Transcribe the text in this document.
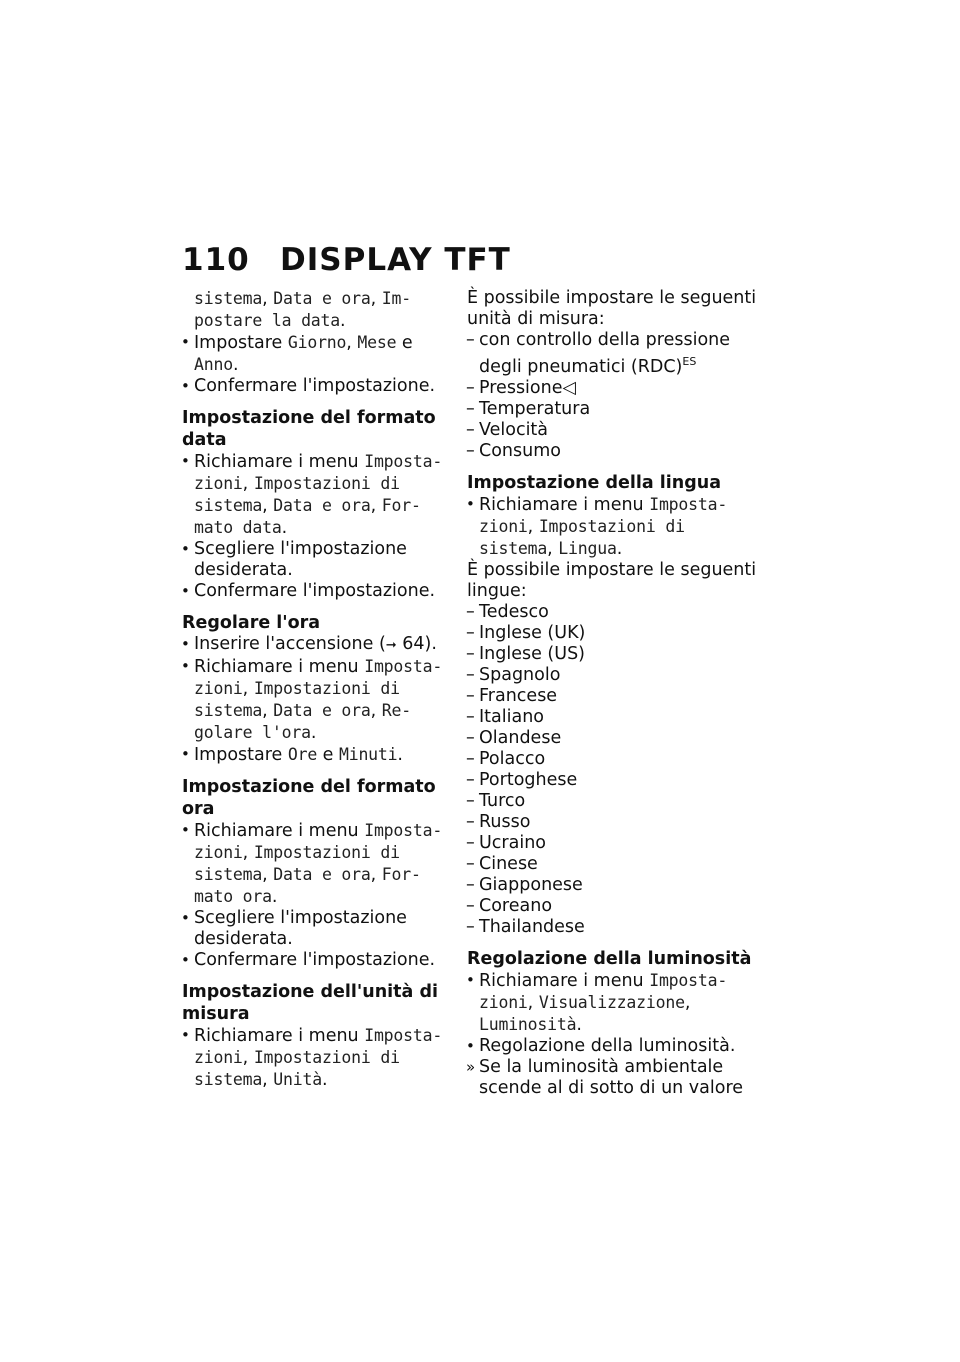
110 DISPLAY TFT

sistema, Data e ora, Im-
postare la data.

• Impostare Giorno, Mese e
Anno.

• Confermare l'impostazione.

Impostazione del formato data

• Richiamare i menu Imposta-
zioni, Impostazioni di
sistema, Data e ora, For-
mato data.

• Scegliere l'impostazione desiderata.

• Confermare l'impostazione.

Regolare l'ora

• Inserire l'accensione (➞ 64).

• Richiamare i menu Imposta-
zioni, Impostazioni di
sistema, Data e ora, Re-
golare l'ora.

• Impostare Ore e Minuti.

Impostazione del formato ora

• Richiamare i menu Imposta-
zioni, Impostazioni di
sistema, Data e ora, For-
mato ora.

• Scegliere l'impostazione desiderata.

• Confermare l'impostazione.

Impostazione dell'unità di misura

• Richiamare i menu Imposta-
zioni, Impostazioni di
sistema, Unità.

È possibile impostare le seguenti unità di misura:

– con controllo della pressione degli pneumatici (RDC)$^{ES}$

– Pressione◁

– Temperatura

– Velocità

– Consumo

Impostazione della lingua

• Richiamare i menu Imposta-
zioni, Impostazioni di
sistema, Lingua.

È possibile impostare le seguenti lingue:

– Tedesco

– Inglese (UK)

– Inglese (US)

– Spagnolo

– Francese

– Italiano

– Olandese

– Polacco

– Portoghese

– Turco

– Russo

– Ucraino

– Cinese

– Giapponese

– Coreano

– Thailandese

Regolazione della luminosità

• Richiamare i menu Imposta-
zioni, Visualizzazione,
Luminosità.

• Regolazione della luminosità.

» Se la luminosità ambientale scende al di sotto di un valore
